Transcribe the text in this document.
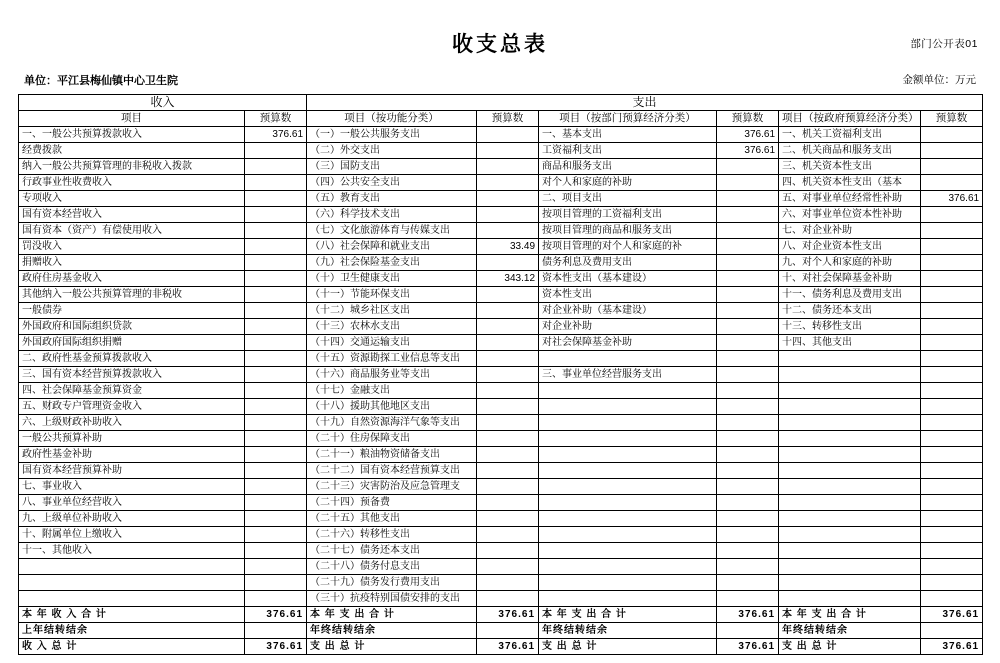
部门公开表01
收支总表
单位：平江县梅仙镇中心卫生院	金额单位：万元
收入		支出					
项目	预算数	项目（按功能分类）	预算数	项目（按部门预算经济分类）	预算数	项目（按政府预算经济分类）	预算数
一、一般公共预算拨款收入	376.61	（一）一般公共服务支出		一、基本支出	376.61	一、机关工资福利支出	
经费拨款		（二）外交支出		工资福利支出	376.61	二、机关商品和服务支出	
纳入一般公共预算管理的非税收入拨款		（三）国防支出		商品和服务支出		三、机关资本性支出	
行政事业性收费收入		（四）公共安全支出		对个人和家庭的补助		四、机关资本性支出（基本	
专项收入		（五）教育支出		二、项目支出		五、对事业单位经常性补助	376.61
国有资本经营收入		（六）科学技术支出		按项目管理的工资福利支出		六、对事业单位资本性补助	
国有资本（资产）有偿使用收入		（七）文化旅游体育与传媒支出		按项目管理的商品和服务支出		七、对企业补助	
罚没收入		（八）社会保障和就业支出	33.49	按项目管理的对个人和家庭的补		八、对企业资本性支出	
捐赠收入		（九）社会保险基金支出		债务利息及费用支出		九、对个人和家庭的补助	
政府住房基金收入		（十）卫生健康支出	343.12	资本性支出（基本建设）		十、对社会保障基金补助	
其他纳入一般公共预算管理的非税收		（十一）节能环保支出		资本性支出		十一、债务利息及费用支出	
一般债券		（十二）城乡社区支出		对企业补助（基本建设）		十二、债务还本支出	
外国政府和国际组织贷款		（十三）农林水支出		对企业补助		十三、转移性支出	
外国政府国际组织捐赠		（十四）交通运输支出		对社会保障基金补助		十四、其他支出	
二、政府性基金预算拨款收入		（十五）资源勘探工业信息等支出					
三、国有资本经营预算拨款收入		（十六）商品服务业等支出		三、事业单位经营服务支出			
四、社会保障基金预算资金		（十七）金融支出					
五、财政专户管理资金收入		（十八）援助其他地区支出					
六、上级财政补助收入		（十九）自然资源海洋气象等支出					
一般公共预算补助		（二十）住房保障支出					
政府性基金补助		（二十一）粮油物资储备支出					
国有资本经营预算补助		（二十二）国有资本经营预算支出					
七、事业收入		（二十三）灾害防治及应急管理支					
八、事业单位经营收入		（二十四）预备费					
九、上级单位补助收入		（二十五）其他支出					
十、附属单位上缴收入		（二十六）转移性支出					
十一、其他收入		（二十七）债务还本支出					
		（二十八）债务付息支出					
		（二十九）债务发行费用支出					
		（三十）抗疫特别国债安排的支出					
本 年 收 入 合 计	376.61	本 年 支 出 合 计	376.61	本 年 支 出 合 计	376.61	本 年 支 出 合 计	376.61
上年结转结余		年终结转结余		年终结转结余		年终结转结余	
收 入 总 计	376.61	支 出 总 计	376.61	支 出 总 计	376.61	支 出 总 计	376.61
